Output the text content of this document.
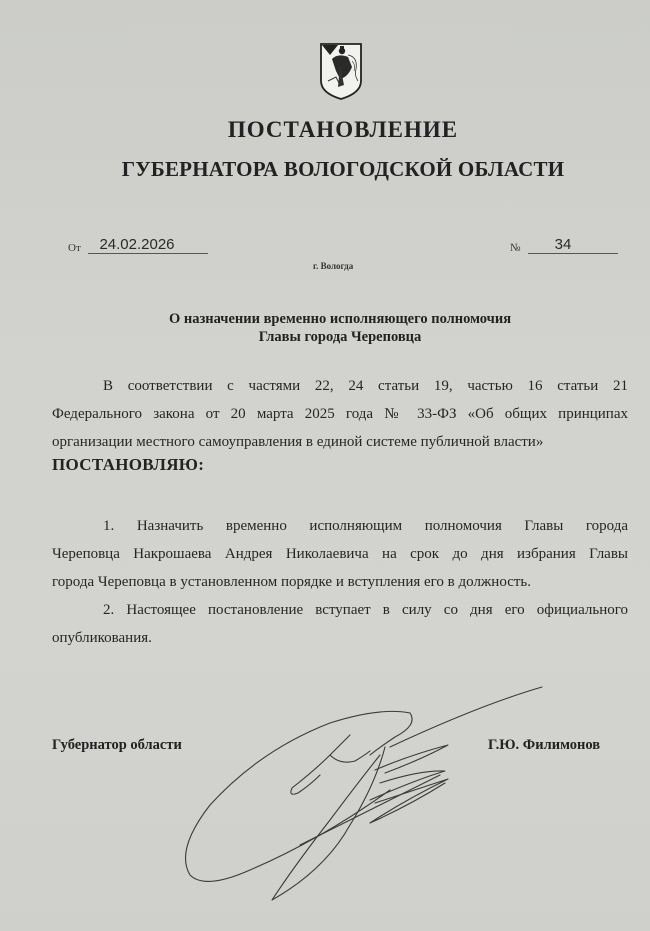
ПОСТАНОВЛЕНИЕ
ГУБЕРНАТОРА ВОЛОГОДСКОЙ ОБЛАСТИ
От	24.02.2026	№	34
г. Вологда
О назначении временно исполняющего полномочия
Главы города Череповца
В соответствии с частями 22, 24 статьи 19, частью 16 статьи 21
Федерального закона от 20 марта 2025 года № 33-ФЗ «Об общих принципах
организации местного самоуправления в единой системе публичной власти»
ПОСТАНОВЛЯЮ:
1. Назначить временно исполняющим полномочия Главы города
Череповца Накрошаева Андрея Николаевича на срок до дня избрания Главы
города Череповца в установленном порядке и вступления его в должность.
2. Настоящее постановление вступает в силу со дня его официального
опубликования.
Губернатор области	Г.Ю. Филимонов
